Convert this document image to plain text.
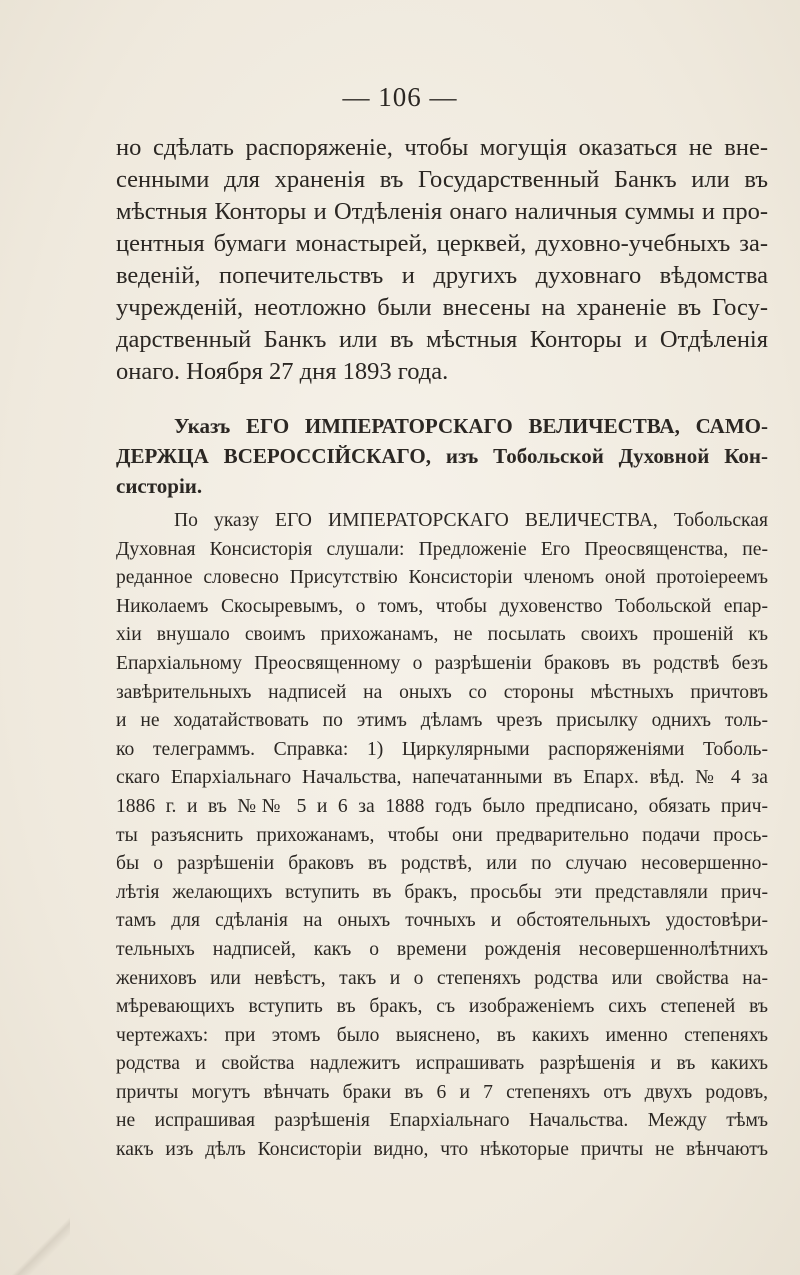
— 106 —
но сдѣлать распоряженіе, чтобы могущія оказаться не вне-
сенными для храненія въ Государственный Банкъ или въ
мѣстныя Конторы и Отдѣленія онаго наличныя суммы и про-
центныя бумаги монастырей, церквей, духовно-учебныхъ за-
веденій, попечительствъ и другихъ духовнаго вѣдомства
учрежденій, неотложно были внесены на храненіе въ Госу-
дарственный Банкъ или въ мѣстныя Конторы и Отдѣленія
онаго. Ноября 27 дня 1893 года.
Указъ ЕГО ИМПЕРАТОРСКАГО ВЕЛИЧЕСТВА, САМО-
ДЕРЖЦА ВСЕРОССІЙСКАГО, изъ Тобольской Духовной Кон-
систоріи.
По указу ЕГО ИМПЕРАТОРСКАГО ВЕЛИЧЕСТВА, Тобольская
Духовная Консисторія слушали: Предложеніе Его Преосвященства, пе-
реданное словесно Присутствію Консисторіи членомъ оной протоіереемъ
Николаемъ Скосыревымъ, о томъ, чтобы духовенство Тобольской епар-
хіи внушало своимъ прихожанамъ, не посылать своихъ прошеній къ
Епархіальному Преосвященному о разрѣшеніи браковъ въ родствѣ безъ
завѣрительныхъ надписей на оныхъ со стороны мѣстныхъ причтовъ
и не ходатайствовать по этимъ дѣламъ чрезъ присылку однихъ толь-
ко телеграммъ. Справка: 1) Циркулярными распоряженіями Тоболь-
скаго Епархіальнаго Начальства, напечатанными въ Епарх. вѣд. № 4 за
1886 г. и въ №№ 5 и 6 за 1888 годъ было предписано, обязать прич-
ты разъяснить прихожанамъ, чтобы они предварительно подачи прось-
бы о разрѣшеніи браковъ въ родствѣ, или по случаю несовершенно-
лѣтія желающихъ вступить въ бракъ, просьбы эти представляли прич-
тамъ для сдѣланія на оныхъ точныхъ и обстоятельныхъ удостовѣри-
тельныхъ надписей, какъ о времени рожденія несовершеннолѣтнихъ
жениховъ или невѣстъ, такъ и о степеняхъ родства или свойства на-
мѣревающихъ вступить въ бракъ, съ изображеніемъ сихъ степеней въ
чертежахъ: при этомъ было выяснено, въ какихъ именно степеняхъ
родства и свойства надлежитъ испрашивать разрѣшенія и въ какихъ
причты могутъ вѣнчать браки въ 6 и 7 степеняхъ отъ двухъ родовъ,
не испрашивая разрѣшенія Епархіальнаго Начальства. Между тѣмъ
какъ изъ дѣлъ Консисторіи видно, что нѣкоторые причты не вѣнчаютъ
